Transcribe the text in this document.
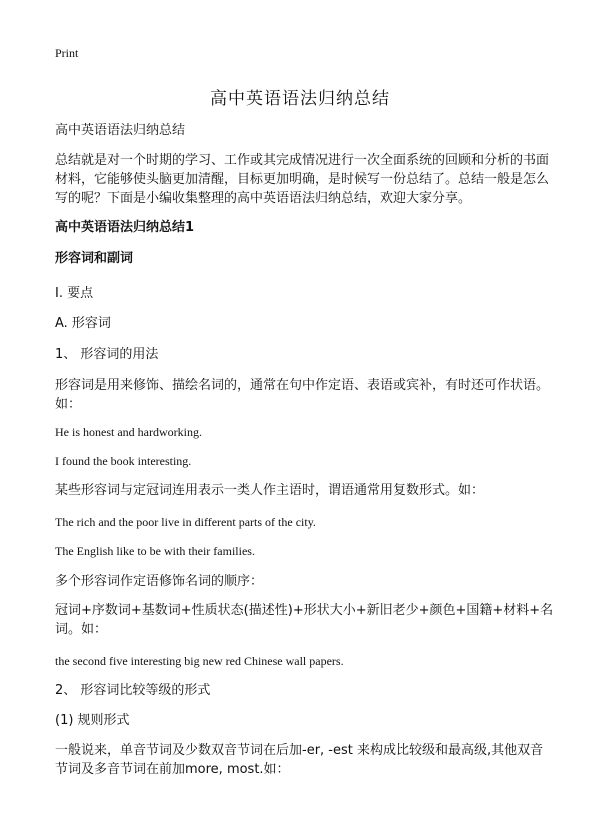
Print
高中英语语法归纳总结
高中英语语法归纳总结
总结就是对一个时期的学习、工作或其完成情况进行一次全面系统的回顾和分析的书面材料，它能够使头脑更加清醒，目标更加明确，是时候写一份总结了。总结一般是怎么写的呢？下面是小编收集整理的高中英语语法归纳总结，欢迎大家分享。
高中英语语法归纳总结1
形容词和副词
I. 要点
A. 形容词
1、 形容词的用法
形容词是用来修饰、描绘名词的，通常在句中作定语、表语或宾补，有时还可作状语。如：
He is honest and hardworking.
I found the book interesting.
某些形容词与定冠词连用表示一类人作主语时，谓语通常用复数形式。如：
The rich and the poor live in different parts of the city.
The English like to be with their families.
多个形容词作定语修饰名词的顺序：
冠词+序数词+基数词+性质状态(描述性)+形状大小+新旧老少+颜色+国籍+材料+名词。如：
the second five interesting big new red Chinese wall papers.
2、 形容词比较等级的形式
(1) 规则形式
一般说来，单音节词及少数双音节词在后加-er, -est 来构成比较级和最高级,其他双音节词及多音节词在前加more, most.如：
